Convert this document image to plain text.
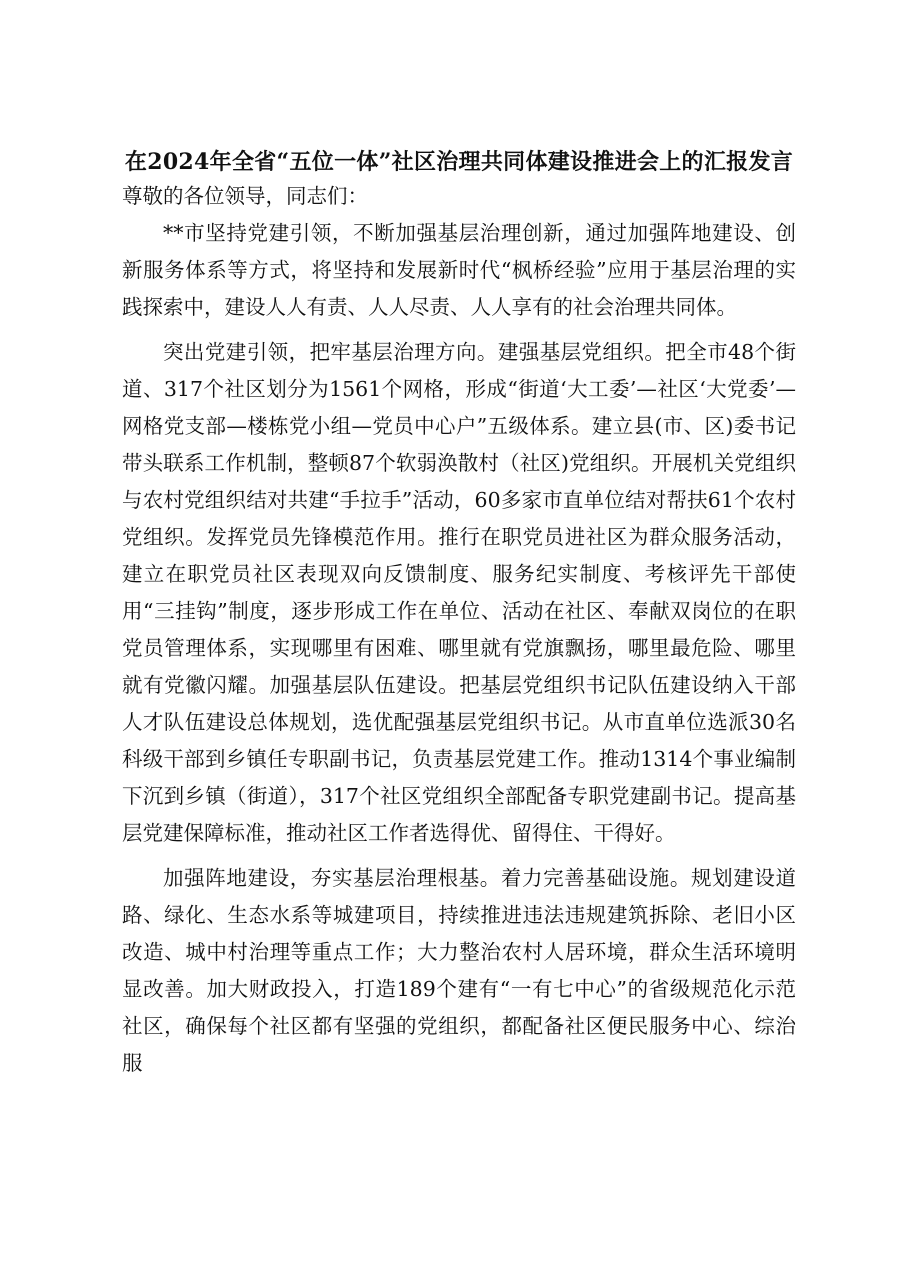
在2024年全省“五位一体”社区治理共同体建设推进会上的汇报发言

尊敬的各位领导，同志们：

**市坚持党建引领，不断加强基层治理创新，通过加强阵地建设、创新服务体系等方式，将坚持和发展新时代“枫桥经验”应用于基层治理的实践探索中，建设人人有责、人人尽责、人人享有的社会治理共同体。

突出党建引领，把牢基层治理方向。建强基层党组织。把全市48个街道、317个社区划分为1561个网格，形成“街道‘大工委’—社区‘大党委’—网格党支部—楼栋党小组—党员中心户”五级体系。建立县(市、区)委书记带头联系工作机制，整顿87个软弱涣散村（社区)党组织。开展机关党组织与农村党组织结对共建“手拉手”活动，60多家市直单位结对帮扶61个农村党组织。发挥党员先锋模范作用。推行在职党员进社区为群众服务活动，建立在职党员社区表现双向反馈制度、服务纪实制度、考核评先干部使用“三挂钩”制度，逐步形成工作在单位、活动在社区、奉献双岗位的在职党员管理体系，实现哪里有困难、哪里就有党旗飘扬，哪里最危险、哪里就有党徽闪耀。加强基层队伍建设。把基层党组织书记队伍建设纳入干部人才队伍建设总体规划，选优配强基层党组织书记。从市直单位选派30名科级干部到乡镇任专职副书记，负责基层党建工作。推动1314个事业编制下沉到乡镇（街道），317个社区党组织全部配备专职党建副书记。提高基层党建保障标准，推动社区工作者选得优、留得住、干得好。

加强阵地建设，夯实基层治理根基。着力完善基础设施。规划建设道路、绿化、生态水系等城建项目，持续推进违法违规建筑拆除、老旧小区改造、城中村治理等重点工作；大力整治农村人居环境，群众生活环境明显改善。加大财政投入，打造189个建有“一有七中心”的省级规范化示范社区，确保每个社区都有坚强的党组织，都配备社区便民服务中心、综治服
